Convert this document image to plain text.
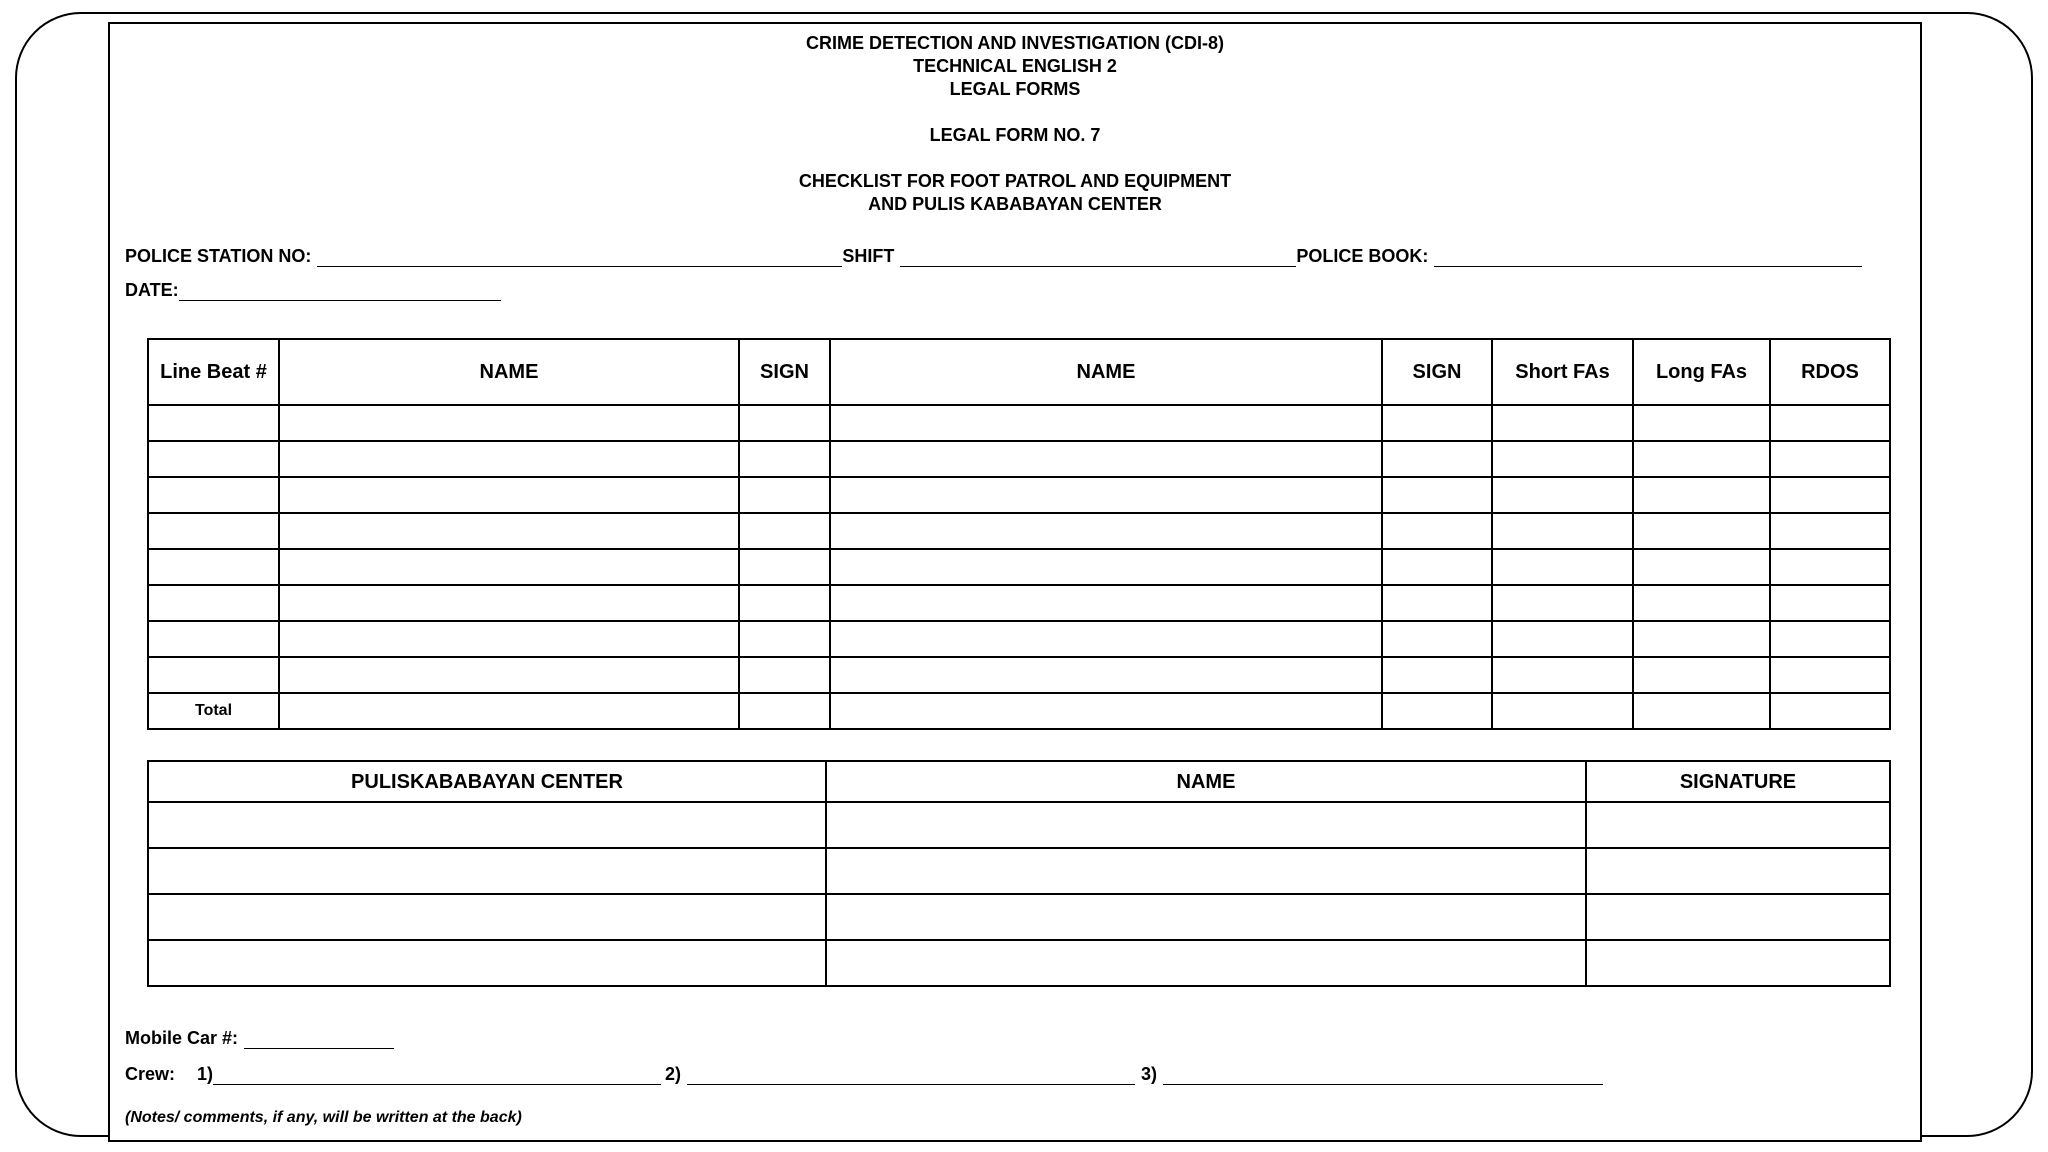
CRIME DETECTION AND INVESTIGATION (CDI-8)
TECHNICAL ENGLISH 2
LEGAL FORMS
LEGAL FORM NO. 7
CHECKLIST FOR FOOT PATROL AND EQUIPMENT
AND PULIS KABABAYAN CENTER
POLICE STATION NO:	SHIFT	POLICE BOOK:
DATE:
Line Beat #	NAME	SIGN	NAME	SIGN	Short FAs	Long FAs	RDOS

Total							
PULISKABABAYAN CENTER	NAME	SIGNATURE

Mobile Car #:
Crew: 1)	2)	3)
(Notes/ comments, if any, will be written at the back)
